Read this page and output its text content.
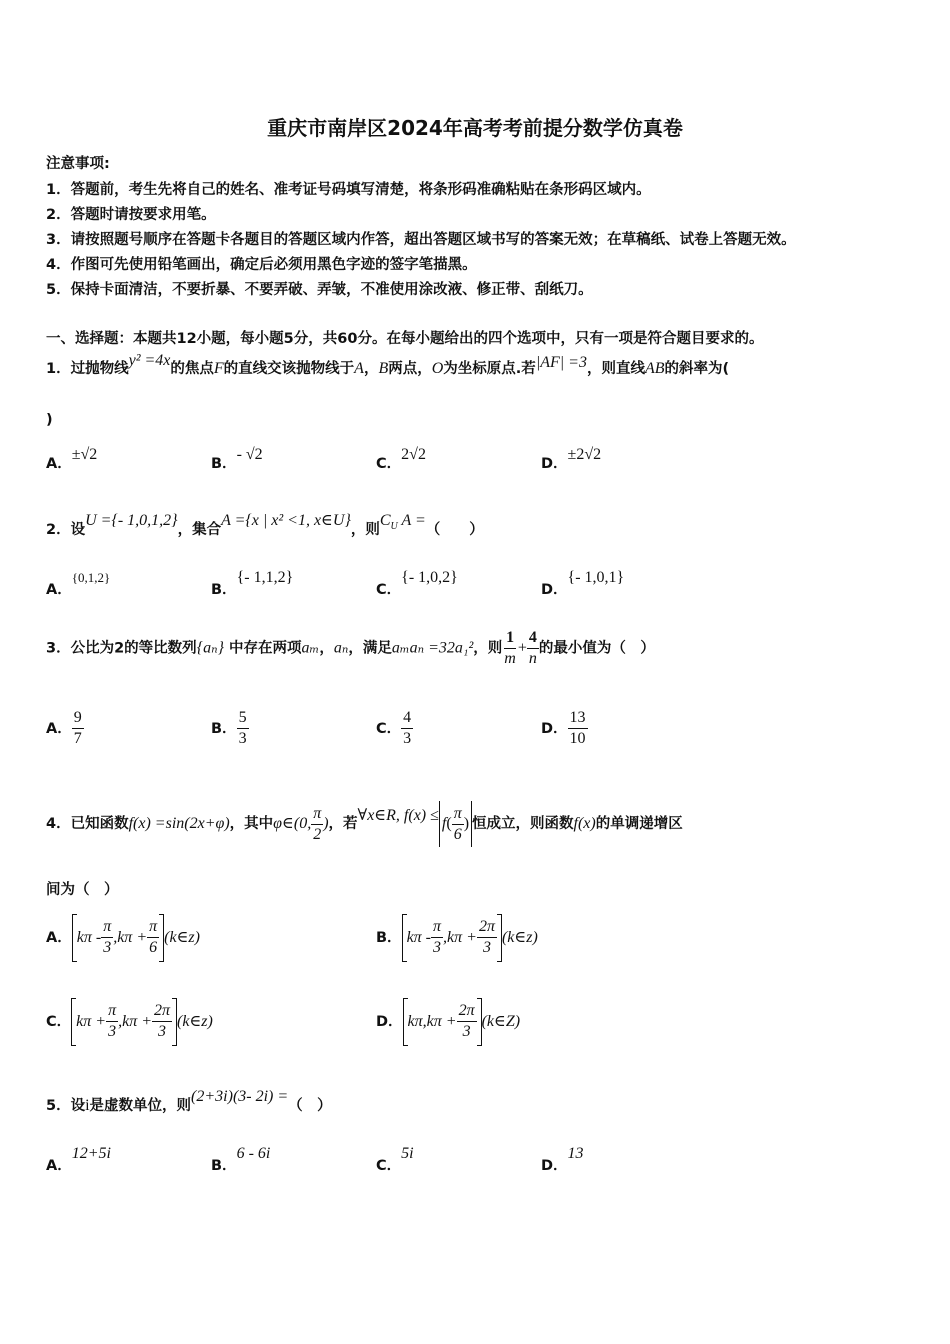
重庆市南岸区2024年高考考前提分数学仿真卷
注意事项:
1．答题前，考生先将自己的姓名、准考证号码填写清楚，将条形码准确粘贴在条形码区域内。
2．答题时请按要求用笔。
3．请按照题号顺序在答题卡各题目的答题区域内作答，超出答题区域书写的答案无效；在草稿纸、试卷上答题无效。
4．作图可先使用铅笔画出，确定后必须用黑色字迹的签字笔描黑。
5．保持卡面清洁，不要折暴、不要弄破、弄皱，不准使用涂改液、修正带、刮纸刀。
一、选择题：本题共12小题，每小题5分，共60分。在每小题给出的四个选项中，只有一项是符合题目要求的。
1．过抛物线y² =4x的焦点F的直线交该抛物线于A，B两点，O为坐标原点.若|AF| =3，则直线AB的斜率为(
)
A．±√2
B．- √2
C．2√2
D．±2√2
2．设U ={- 1,0,1,2}，集合A ={x | x² <1, x∈U}，则$C_U$ A =（　　）
A．$^{\{0,1,2\}}$
B．{- 1,1,2}
C．{- 1,0,2}
D．{- 1,0,1}
3．公比为2的等比数列{aₙ} 中存在两项aₘ，aₙ，满足aₘaₙ =32a₁²，则 $\frac{1}{m} + \frac{4}{n}$ 的最小值为（　）
A． $\frac{9}{7}$	B． $\frac{5}{3}$	C． $\frac{4}{3}$	D． $\frac{13}{10}$
4．已知函数f(x) =sin(2x+φ)，其中φ∈(0, $\frac{\pi}{2}$ )，若∀x∈R, $f(x) \le f( \frac{\pi}{6}$ ) 恒成立，则函数f(x)的单调递增区
间为（　）
A． $k\pi - \frac{\pi}{3} ,k\pi + \frac{\pi}{6}$ (k∈z)	B． $k\pi - \frac{\pi}{3} ,k\pi + \frac{2\pi}{3}$ (k∈z)
C． $k\pi + \frac{\pi}{3} ,k\pi + \frac{2\pi}{3}$ (k∈z)	D． $k\pi,k\pi + \frac{2\pi}{3}$ (k∈Z)
5．设i是虚数单位，则(2+3i)(3- 2i) =（　）
A．12+5i
B．6 - 6i
C．5i
D．13
